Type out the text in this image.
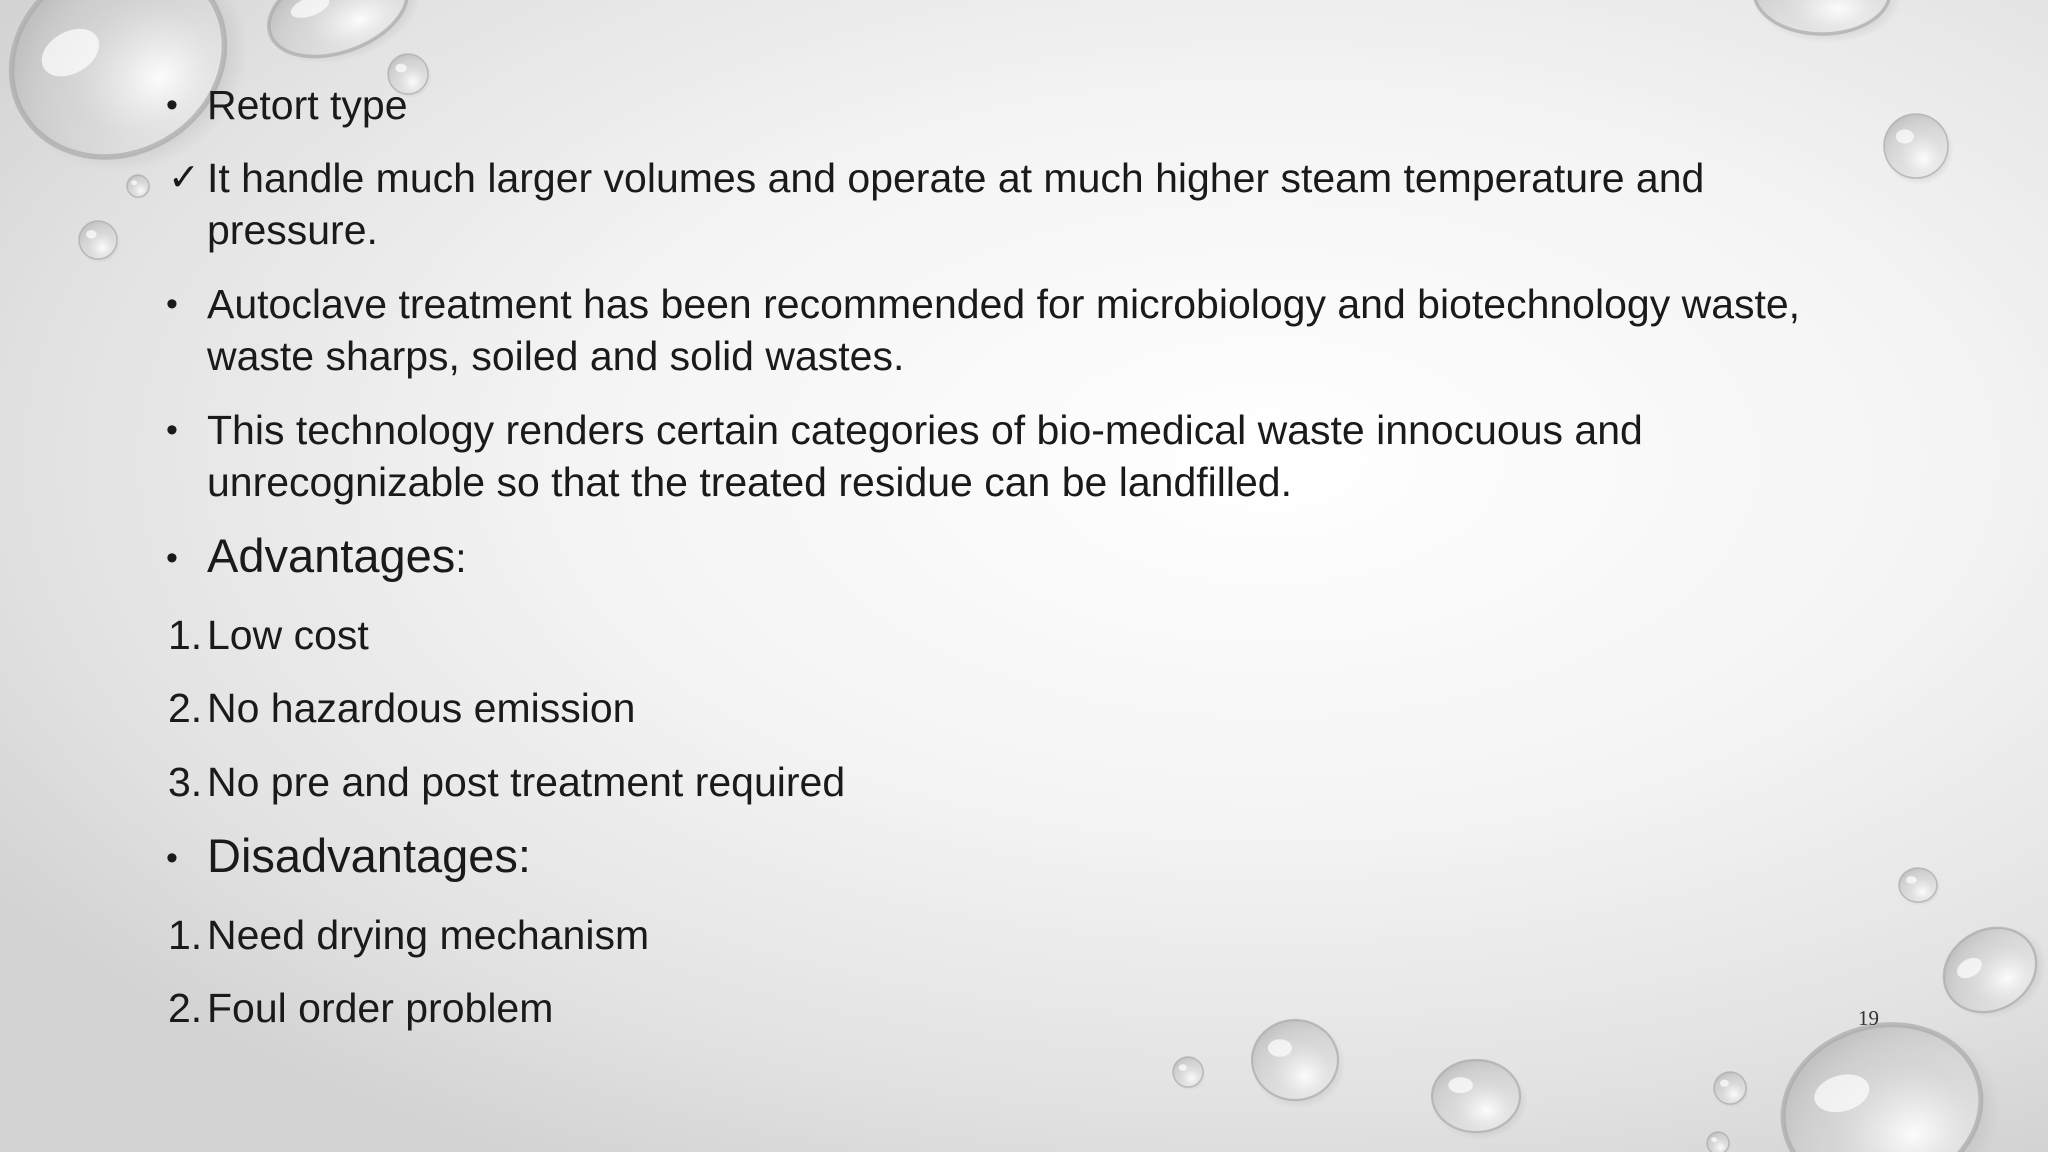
• Retort type
✓ It handle much larger volumes and operate at much higher steam temperature and
pressure.
• Autoclave treatment has been recommended for microbiology and biotechnology waste,
waste sharps, soiled and solid wastes.
• This technology renders certain categories of bio-medical waste innocuous and
unrecognizable so that the treated residue can be landfilled.
• Advantages:
1. Low cost
2. No hazardous emission
3. No pre and post treatment required
• Disadvantages:
1. Need drying mechanism
2. Foul order problem	19
